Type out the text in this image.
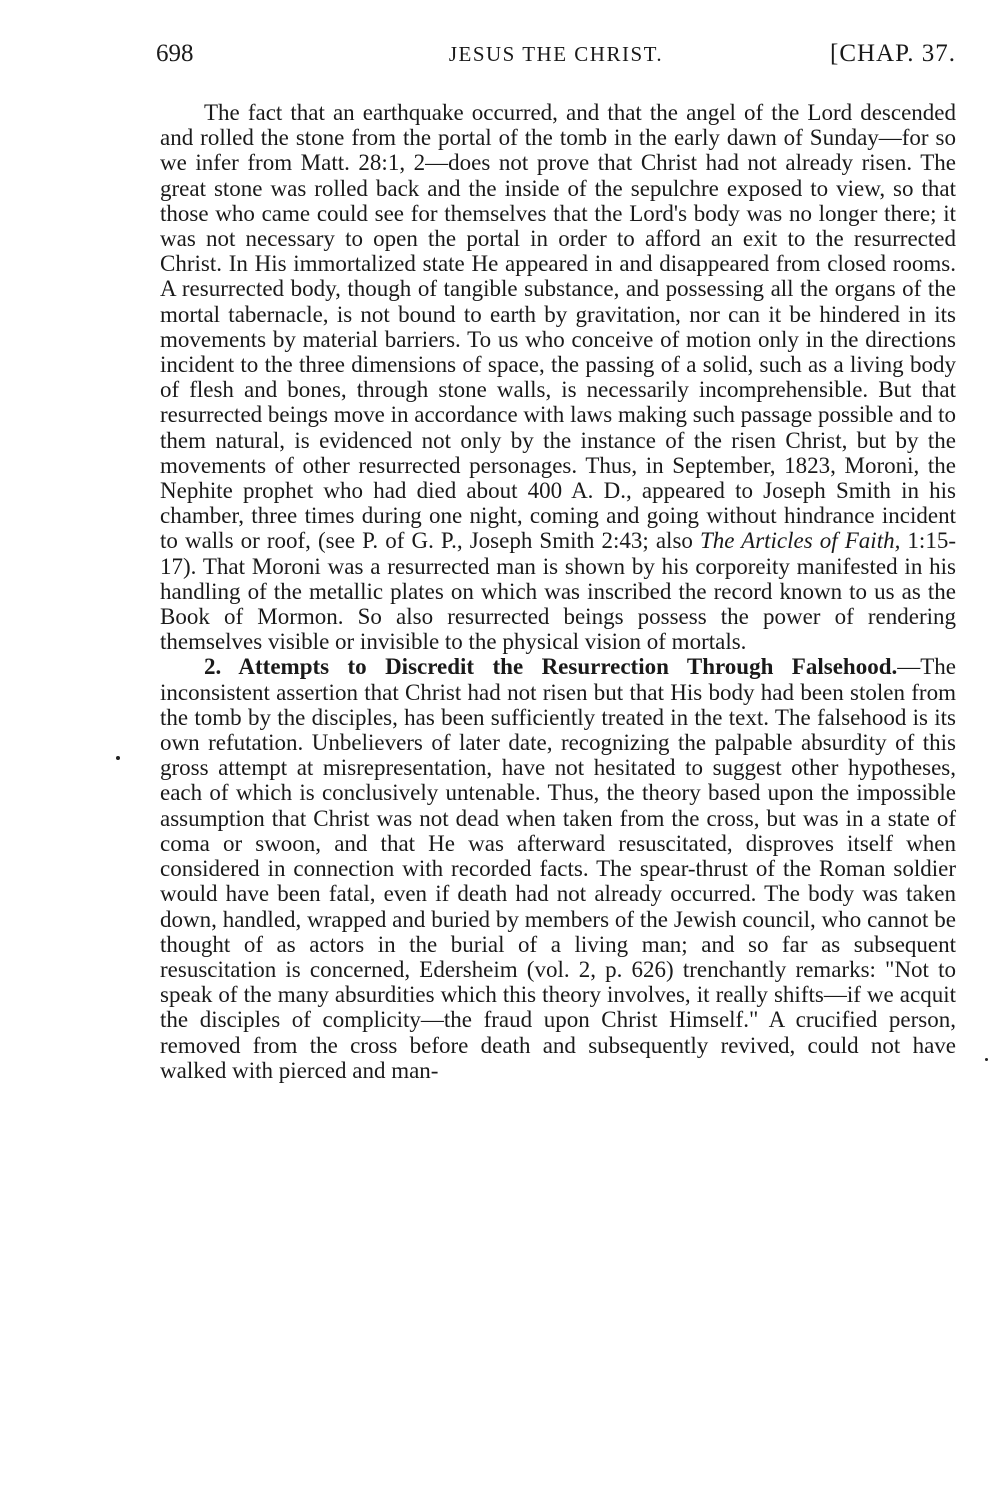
698	JESUS THE CHRIST.	[CHAP. 37.

The fact that an earthquake occurred, and that the angel of the Lord descended and rolled the stone from the portal of the tomb in the early dawn of Sunday—for so we infer from Matt. 28:1, 2—does not prove that Christ had not already risen. The great stone was rolled back and the inside of the sepulchre exposed to view, so that those who came could see for themselves that the Lord's body was no longer there; it was not necessary to open the portal in order to afford an exit to the resurrected Christ. In His immortalized state He appeared in and disappeared from closed rooms. A resurrected body, though of tangible substance, and possessing all the organs of the mortal tabernacle, is not bound to earth by gravitation, nor can it be hindered in its movements by material barriers. To us who conceive of motion only in the directions incident to the three dimensions of space, the passing of a solid, such as a living body of flesh and bones, through stone walls, is necessarily incomprehensible. But that resurrected beings move in accordance with laws making such passage possible and to them natural, is evidenced not only by the instance of the risen Christ, but by the movements of other resurrected personages. Thus, in September, 1823, Moroni, the Nephite prophet who had died about 400 A. D., appeared to Joseph Smith in his chamber, three times during one night, coming and going without hindrance incident to walls or roof, (see P. of G. P., Joseph Smith 2:43; also The Articles of Faith, 1:15-17). That Moroni was a resurrected man is shown by his corporeity manifested in his handling of the metallic plates on which was inscribed the record known to us as the Book of Mormon. So also resurrected beings possess the power of rendering themselves visible or invisible to the physical vision of mortals.

2. Attempts to Discredit the Resurrection Through Falsehood.—The inconsistent assertion that Christ had not risen but that His body had been stolen from the tomb by the disciples, has been sufficiently treated in the text. The falsehood is its own refutation. Unbelievers of later date, recognizing the palpable absurdity of this gross attempt at misrepresentation, have not hesitated to suggest other hypotheses, each of which is conclusively untenable. Thus, the theory based upon the impossible assumption that Christ was not dead when taken from the cross, but was in a state of coma or swoon, and that He was afterward resuscitated, disproves itself when considered in connection with recorded facts. The spear-thrust of the Roman soldier would have been fatal, even if death had not already occurred. The body was taken down, handled, wrapped and buried by members of the Jewish council, who cannot be thought of as actors in the burial of a living man; and so far as subsequent resuscitation is concerned, Edersheim (vol. 2, p. 626) trenchantly remarks: "Not to speak of the many absurdities which this theory involves, it really shifts—if we acquit the disciples of complicity—the fraud upon Christ Himself." A crucified person, removed from the cross before death and subsequently revived, could not have walked with pierced and man-
